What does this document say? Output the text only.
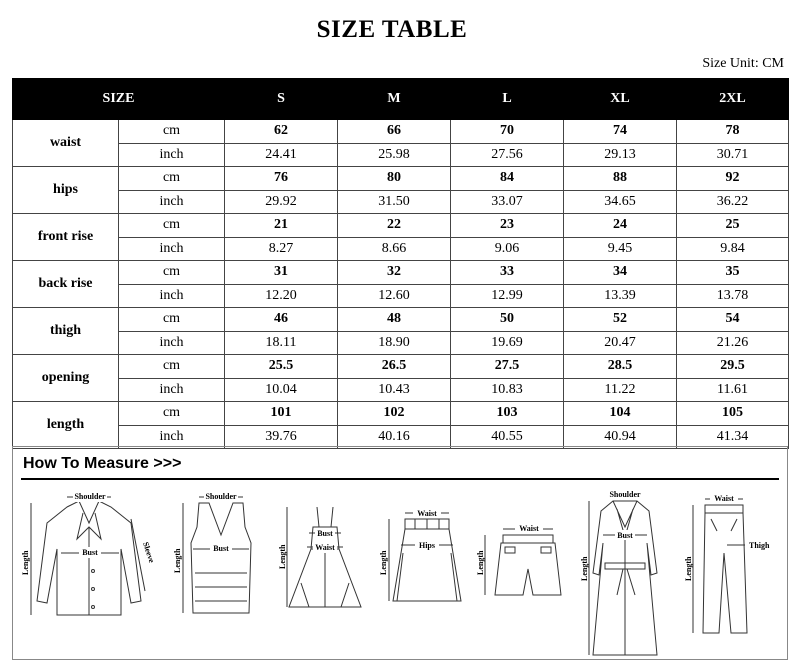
SIZE TABLE
Size Unit: CM
SIZE		S	M	L	XL	2XL
waist	cm	62	66	70	74	78
	inch	24.41	25.98	27.56	29.13	30.71
hips	cm	76	80	84	88	92
	inch	29.92	31.50	33.07	34.65	36.22
front rise	cm	21	22	23	24	25
	inch	8.27	8.66	9.06	9.45	9.84
back rise	cm	31	32	33	34	35
	inch	12.20	12.60	12.99	13.39	13.78
thigh	cm	46	48	50	52	54
	inch	18.11	18.90	19.69	20.47	21.26
opening	cm	25.5	26.5	27.5	28.5	29.5
	inch	10.04	10.43	10.83	11.22	11.61
length	cm	101	102	103	104	105
	inch	39.76	40.16	40.55	40.94	41.34
How To Measure >>>
Shoulder
Bust
Length	Sleeve
Shoulder
Bust
Length
Bust
Waist
Length
Waist
Hips
Length
Waist
Length
Shoulder
Bust
Length
Waist
Thigh
Length
